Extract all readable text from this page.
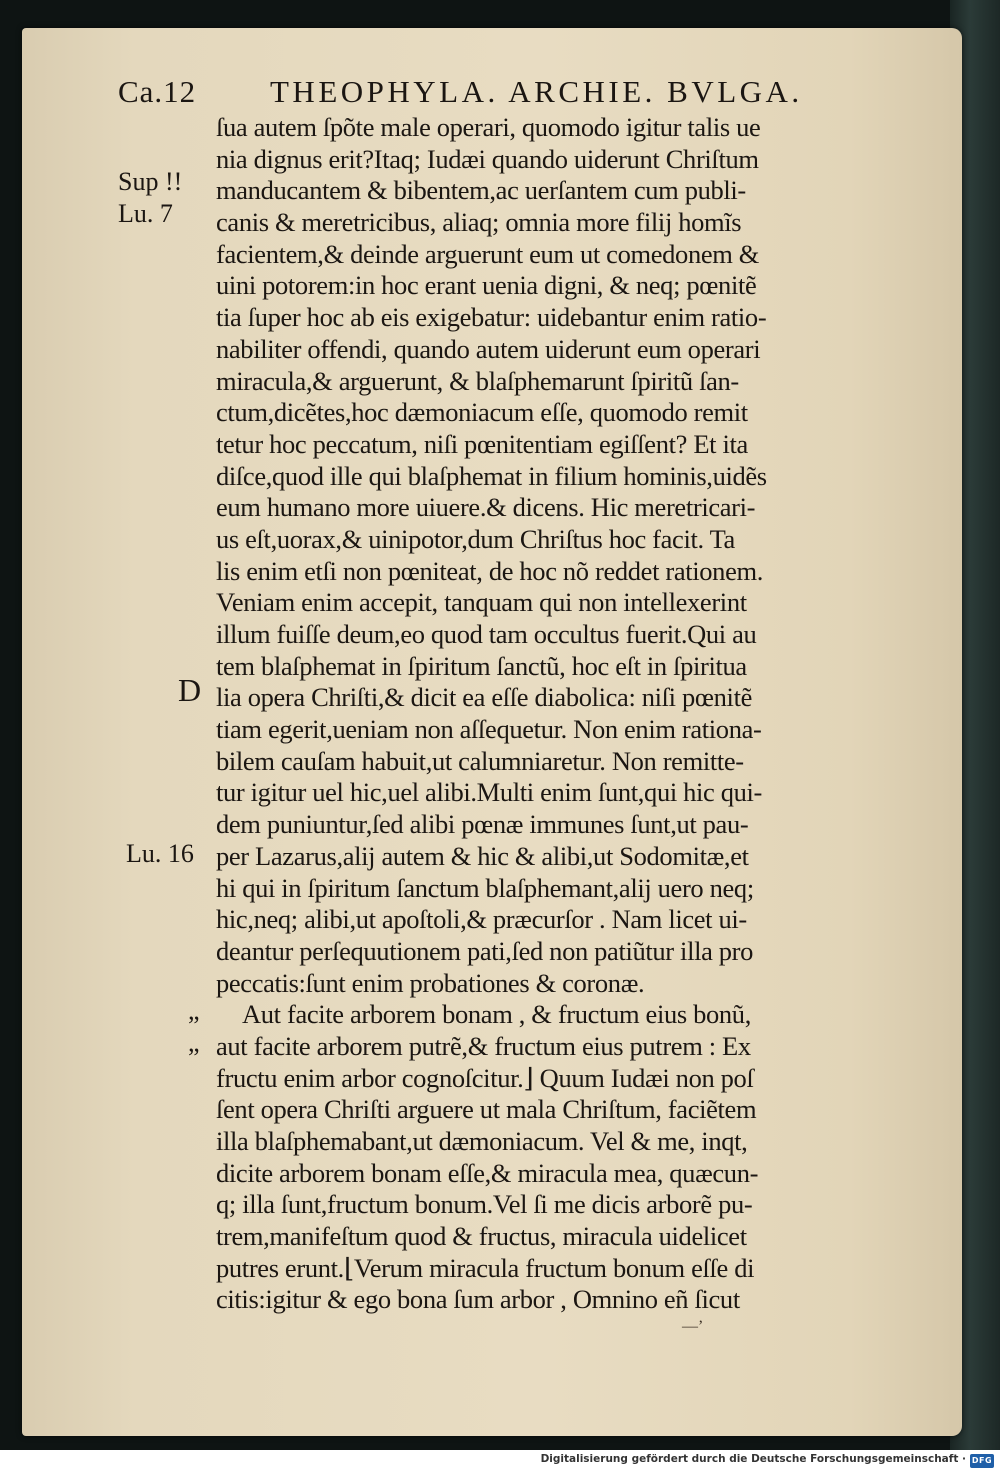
Ca.12 THEOPHYLA. ARCHIE. BVLGA.
Sup !!
Lu. 7
D
Lu. 16
”
”
ſua autem ſpõte male operari, quomodo igitur talis ue
nia dignus erit?Itaq; Iudæi quando uiderunt Chriſtum
manducantem & bibentem,ac uerſantem cum publi-
canis & meretricibus, aliaq; omnia more filij homĩs
facientem,& deinde arguerunt eum ut comedonem &
uini potorem:in hoc erant uenia digni, & neq; pœnitẽ
tia ſuper hoc ab eis exigebatur: uidebantur enim ratio-
nabiliter offendi, quando autem uiderunt eum operari
miracula,& arguerunt, & blaſphemarunt ſpiritũ ſan-
ctum,dicẽtes,hoc dæmoniacum eſſe, quomodo remit
tetur hoc peccatum, niſi pœnitentiam egiſſent? Et ita
diſce,quod ille qui blaſphemat in filium hominis,uidẽs
eum humano more uiuere.& dicens. Hic meretricari-
us eſt,uorax,& uinipotor,dum Chriſtus hoc facit. Ta
lis enim etſi non pœniteat, de hoc nõ reddet rationem.
Veniam enim accepit, tanquam qui non intellexerint
illum fuiſſe deum,eo quod tam occultus fuerit.Qui au
tem blaſphemat in ſpiritum ſanctũ, hoc eſt in ſpiritua
lia opera Chriſti,& dicit ea eſſe diabolica: niſi pœnitẽ
tiam egerit,ueniam non aſſequetur. Non enim rationa-
bilem cauſam habuit,ut calumniaretur. Non remitte-
tur igitur uel hic,uel alibi.Multi enim ſunt,qui hic qui-
dem puniuntur,ſed alibi pœnæ immunes ſunt,ut pau-
per Lazarus,alij autem & hic & alibi,ut Sodomitæ,et
hi qui in ſpiritum ſanctum blaſphemant,alij uero neq;
hic,neq; alibi,ut apoſtoli,& præcurſor . Nam licet ui-
deantur perſequutionem pati,ſed non patiũtur illa pro
peccatis:ſunt enim probationes & coronæ.
Aut facite arborem bonam , & fructum eius bonũ,
aut facite arborem putrẽ,& fructum eius putrem : Ex
fructu enim arbor cognoſcitur.⌋ Quum Iudæi non poſ
ſent opera Chriſti arguere ut mala Chriſtum, faciẽtem
illa blaſphemabant,ut dæmoniacum. Vel & me, inqt,
dicite arborem bonam eſſe,& miracula mea, quæcun-
q; illa ſunt,fructum bonum.Vel ſi me dicis arborẽ pu-
trem,manifeſtum quod & fructus, miracula uidelicet
putres erunt.⌊Verum miracula fructum bonum eſſe di
citis:igitur & ego bona ſum arbor , Omnino eñ ſicut
—’
Digitalisierung gefördert durch die Deutsche Forschungsgemeinschaft · DFG
